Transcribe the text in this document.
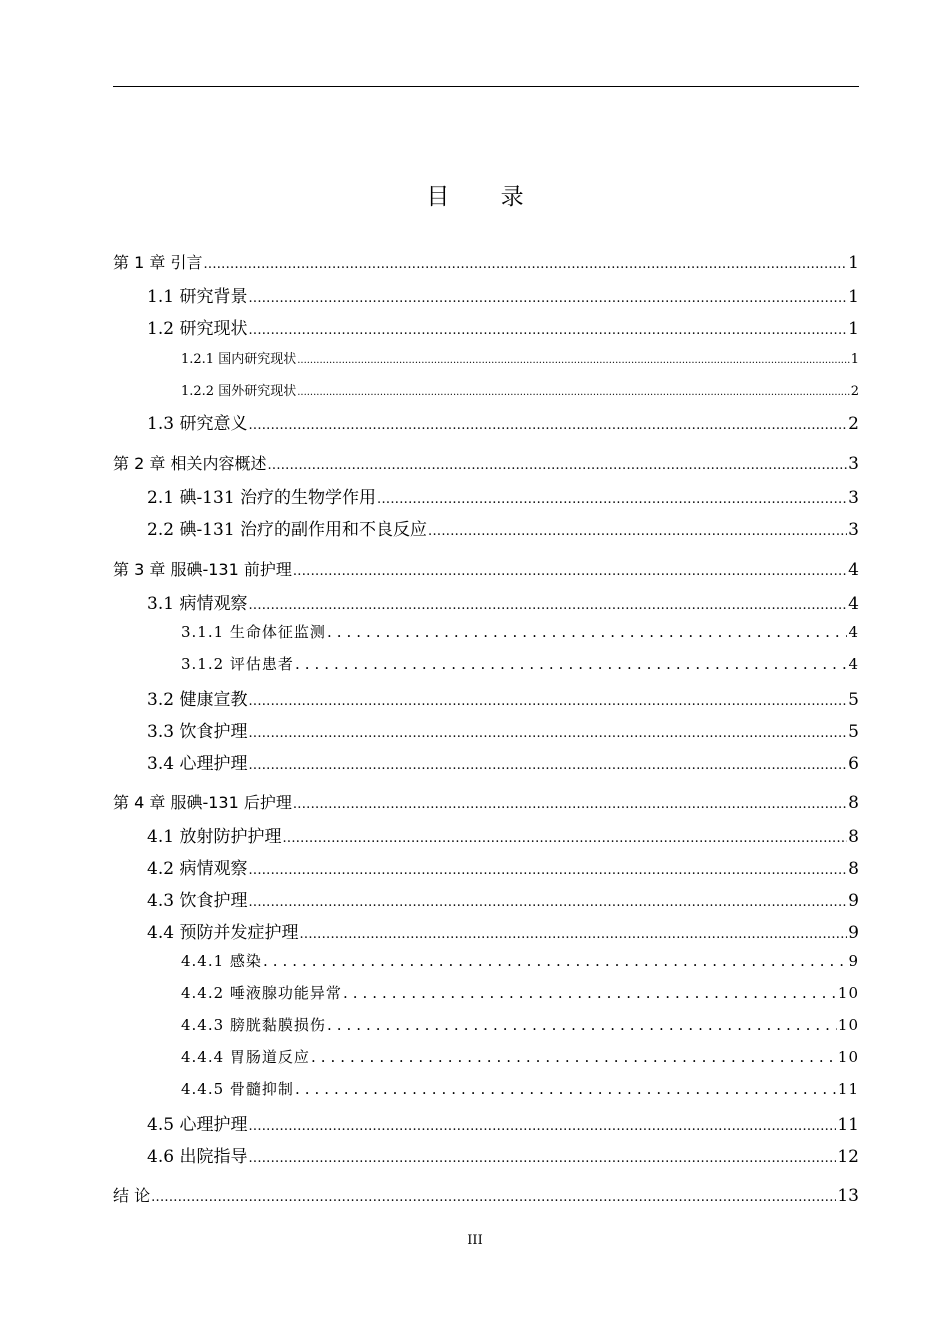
目 录
第 1 章 引言 .....	1
1.1 研究背景 .....	1
1.2 研究现状 .....	1
1.2.1 国内研究现状 .....	1
1.2.2 国外研究现状 .....	2
1.3 研究意义 .....	2
第 2 章 相关内容概述 .....	3
2.1 碘-131 治疗的生物学作用 .....	3
2.2 碘-131 治疗的副作用和不良反应 .....	3
第 3 章 服碘-131 前护理 .....	4
3.1 病情观察 .....	4
3.1.1 生命体征监测 .....	4
3.1.2 评估患者 .....	4
3.2 健康宣教 .....	5
3.3 饮食护理 .....	5
3.4 心理护理 .....	6
第 4 章 服碘-131 后护理 .....	8
4.1 放射防护护理 .....	8
4.2 病情观察 .....	8
4.3 饮食护理 .....	9
4.4 预防并发症护理 .....	9
4.4.1 感染 .....	9
4.4.2 唾液腺功能异常 .....	10
4.4.3 膀胱黏膜损伤 .....	10
4.4.4 胃肠道反应 .....	10
4.4.5 骨髓抑制 .....	11
4.5 心理护理 .....	11
4.6 出院指导 .....	12
结 论 .....	13
III
